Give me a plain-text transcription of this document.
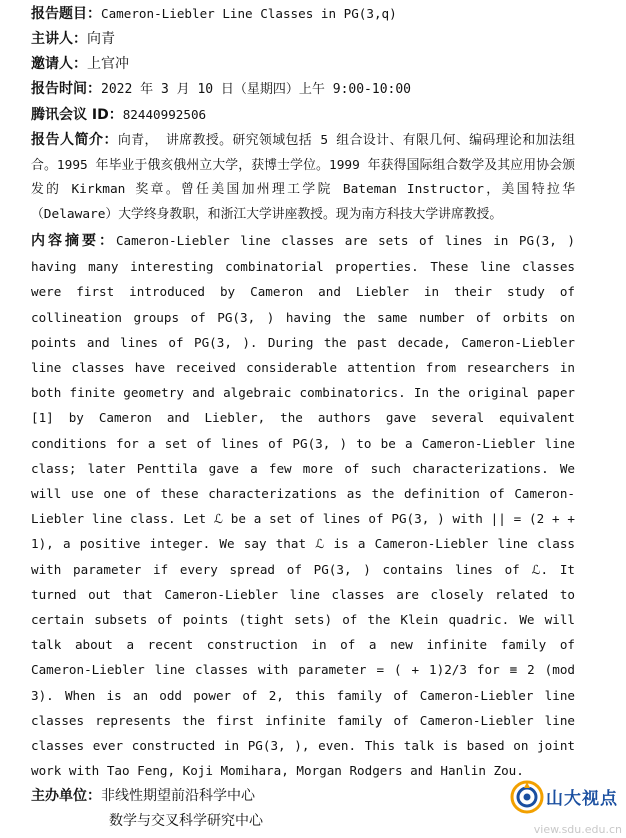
报告题目：Cameron-Liebler Line Classes in PG(3,q)
主讲人：向青
邀请人：上官冲
报告时间：2022 年 3 月 10 日（星期四）上午 9:00-10:00
腾讯会议 ID：82440992506
报告人简介：向青， 讲席教授。研究领域包括 5 组合设计、有限几何、编码理论和加法组合。1995 年毕业于俄亥俄州立大学，获博士学位。1999 年获得国际组合数学及其应用协会颁发的 Kirkman 奖章。曾任美国加州理工学院 Bateman Instructor，美国特拉华（Delaware）大学终身教职，和浙江大学讲座教授。现为南方科技大学讲席教授。
内容摘要：Cameron-Liebler line classes are sets of lines in PG(3, ) having many interesting combinatorial properties. These line classes were first introduced by Cameron and Liebler in their study of collineation groups of PG(3, ) having the same number of orbits on points and lines of PG(3, ). During the past decade, Cameron-Liebler line classes have received considerable attention from researchers in both finite geometry and algebraic combinatorics. In the original paper [1] by Cameron and Liebler, the authors gave several equivalent conditions for a set of lines of PG(3, ) to be a Cameron-Liebler line class; later Penttila gave a few more of such characterizations. We will use one of these characterizations as the definition of Cameron-Liebler line class. Let ℒ be a set of lines of PG(3, ) with || = (2 + + 1), a positive integer. We say that ℒ is a Cameron-Liebler line class with parameter if every spread of PG(3, ) contains lines of ℒ. It turned out that Cameron-Liebler line classes are closely related to certain subsets of points (tight sets) of the Klein quadric. We will talk about a recent construction in of a new infinite family of Cameron-Liebler line classes with parameter = ( + 1)2/3 for ≡ 2 (mod 3). When is an odd power of 2, this family of Cameron-Liebler line classes represents the first infinite family of Cameron-Liebler line classes ever constructed in PG(3, ), even. This talk is based on joint work with Tao Feng, Koji Momihara, Morgan Rodgers and Hanlin Zou.
主办单位：非线性期望前沿科学中心
数学与交叉科学研究中心
山大视点
view.sdu.edu.cn
